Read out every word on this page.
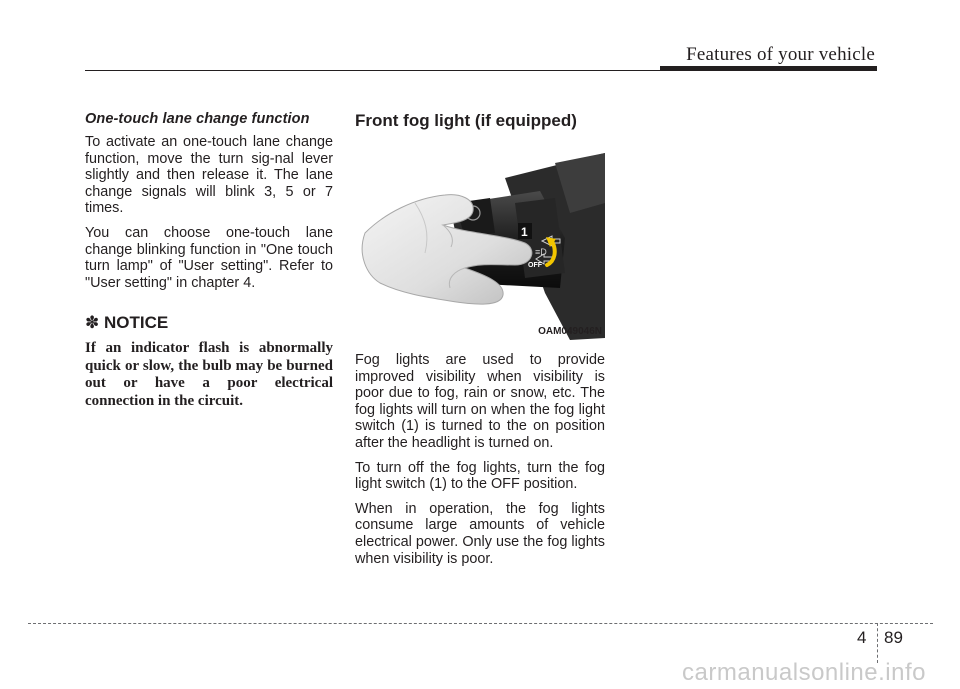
Features of your vehicle
One-touch lane change function

To activate an one-touch lane change function, move the turn sig-nal lever slightly and then release it. The lane change signals will blink 3, 5 or 7 times.

You can choose one-touch lane change blinking function in "One touch turn lamp" of "User setting". Refer to "User setting" in chapter 4.

✽ NOTICE

If an indicator flash is abnormally quick or slow, the bulb may be burned out or have a poor electrical connection in the circuit.

Front fog light (if equipped)
1
≡D
OFF
OAM049046N

Fog lights are used to provide improved visibility when visibility is poor due to fog, rain or snow, etc. The fog lights will turn on when the fog light switch (1) is turned to the on position after the headlight is turned on.

To turn off the fog lights, turn the fog light switch (1) to the OFF position.

When in operation, the fog lights consume large amounts of vehicle electrical power. Only use the fog lights when visibility is poor.

4 89
carmanualsonline.info
